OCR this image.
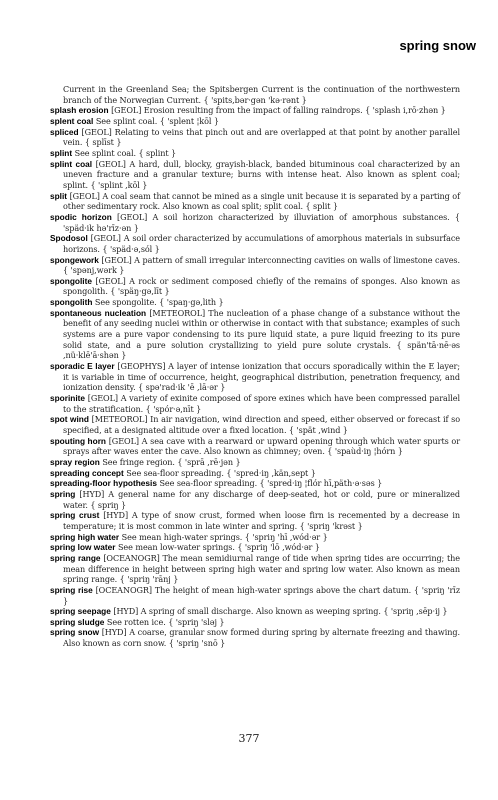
spring snow

Current in the Greenland Sea; the Spitsbergen Current is the continuation of the northwestern branch of the Norwegian Current. { 'spits,bər·gən 'kə·rənt }

splash erosion [GEOL] Erosion resulting from the impact of falling raindrops. { 'splash i,rō·zhən }

splent coal See splint coal. { 'splent ¦kōl }

spliced [GEOL] Relating to veins that pinch out and are overlapped at that point by another parallel vein. { splīst }

splint See splint coal. { splint }

splint coal [GEOL] A hard, dull, blocky, grayish-black, banded bituminous coal characterized by an uneven fracture and a granular texture; burns with intense heat. Also known as splent coal; splint. { 'splint ,kōl }

split [GEOL] A coal seam that cannot be mined as a single unit because it is separated by a parting of other sedimentary rock. Also known as coal split; split coal. { split }

spodic horizon [GEOL] A soil horizon characterized by illuviation of amorphous substances. { 'späd·ik hə'rīz·ən }

Spodosol [GEOL] A soil order characterized by accumulations of amorphous materials in subsurface horizons. { 'späd·ə,sól }

spongework [GEOL] A pattern of small irregular interconnecting cavities on walls of limestone caves. { 'spənj,wərk }

spongolite [GEOL] A rock or sediment composed chiefly of the remains of sponges. Also known as spongolith. { 'späŋ·gə,līt }

spongolith See spongolite. { 'spaŋ·gə,lith }

spontaneous nucleation [METEOROL] The nucleation of a phase change of a substance without the benefit of any seeding nuclei within or otherwise in contact with that substance; examples of such systems are a pure vapor condensing to its pure liquid state, a pure liquid freezing to its pure solid state, and a pure solution crystallizing to yield pure solute crystals. { spän'tā·nē·əs ,nü·klē'ā·shən }

sporadic E layer [GEOPHYS] A layer of intense ionization that occurs sporadically within the E layer; it is variable in time of occurrence, height, geographical distribution, penetration frequency, and ionization density. { spə'rad·ik 'ē ,lā·ər }

sporinite [GEOL] A variety of exinite composed of spore exines which have been compressed parallel to the stratification. { 'spór·ə,nīt }

spot wind [METEOROL] In air navigation, wind direction and speed, either observed or forecast if so specified, at a designated altitude over a fixed location. { 'spät ,wind }

spouting horn [GEOL] A sea cave with a rearward or upward opening through which water spurts or sprays after waves enter the cave. Also known as chimney; oven. { 'spaùd·iŋ ¦hórn }

spray region See fringe region. { 'sprā ,rē·jən }

spreading concept See sea-floor spreading. { 'spred·iŋ ,kän,sept }

spreading-floor hypothesis See sea-floor spreading. { 'spred·iŋ ¦flór hī,päth·ə·səs }

spring [HYD] A general name for any discharge of deep-seated, hot or cold, pure or mineralized water. { spriŋ }

spring crust [HYD] A type of snow crust, formed when loose firn is recemented by a decrease in temperature; it is most common in late winter and spring. { 'spriŋ 'krəst }

spring high water See mean high-water springs. { 'spriŋ 'hī ,wód·ər }

spring low water See mean low-water springs. { 'spriŋ 'lō ,wód·ər }

spring range [OCEANOGR] The mean semidiurnal range of tide when spring tides are occurring; the mean difference in height between spring high water and spring low water. Also known as mean spring range. { 'spriŋ 'rānj }

spring rise [OCEANOGR] The height of mean high-water springs above the chart datum. { 'spriŋ 'rīz }

spring seepage [HYD] A spring of small discharge. Also known as weeping spring. { 'spriŋ ,sēp·ij }

spring sludge See rotten ice. { 'spriŋ 'sləj }

spring snow [HYD] A coarse, granular snow formed during spring by alternate freezing and thawing. Also known as corn snow. { 'spriŋ 'snō }

377
